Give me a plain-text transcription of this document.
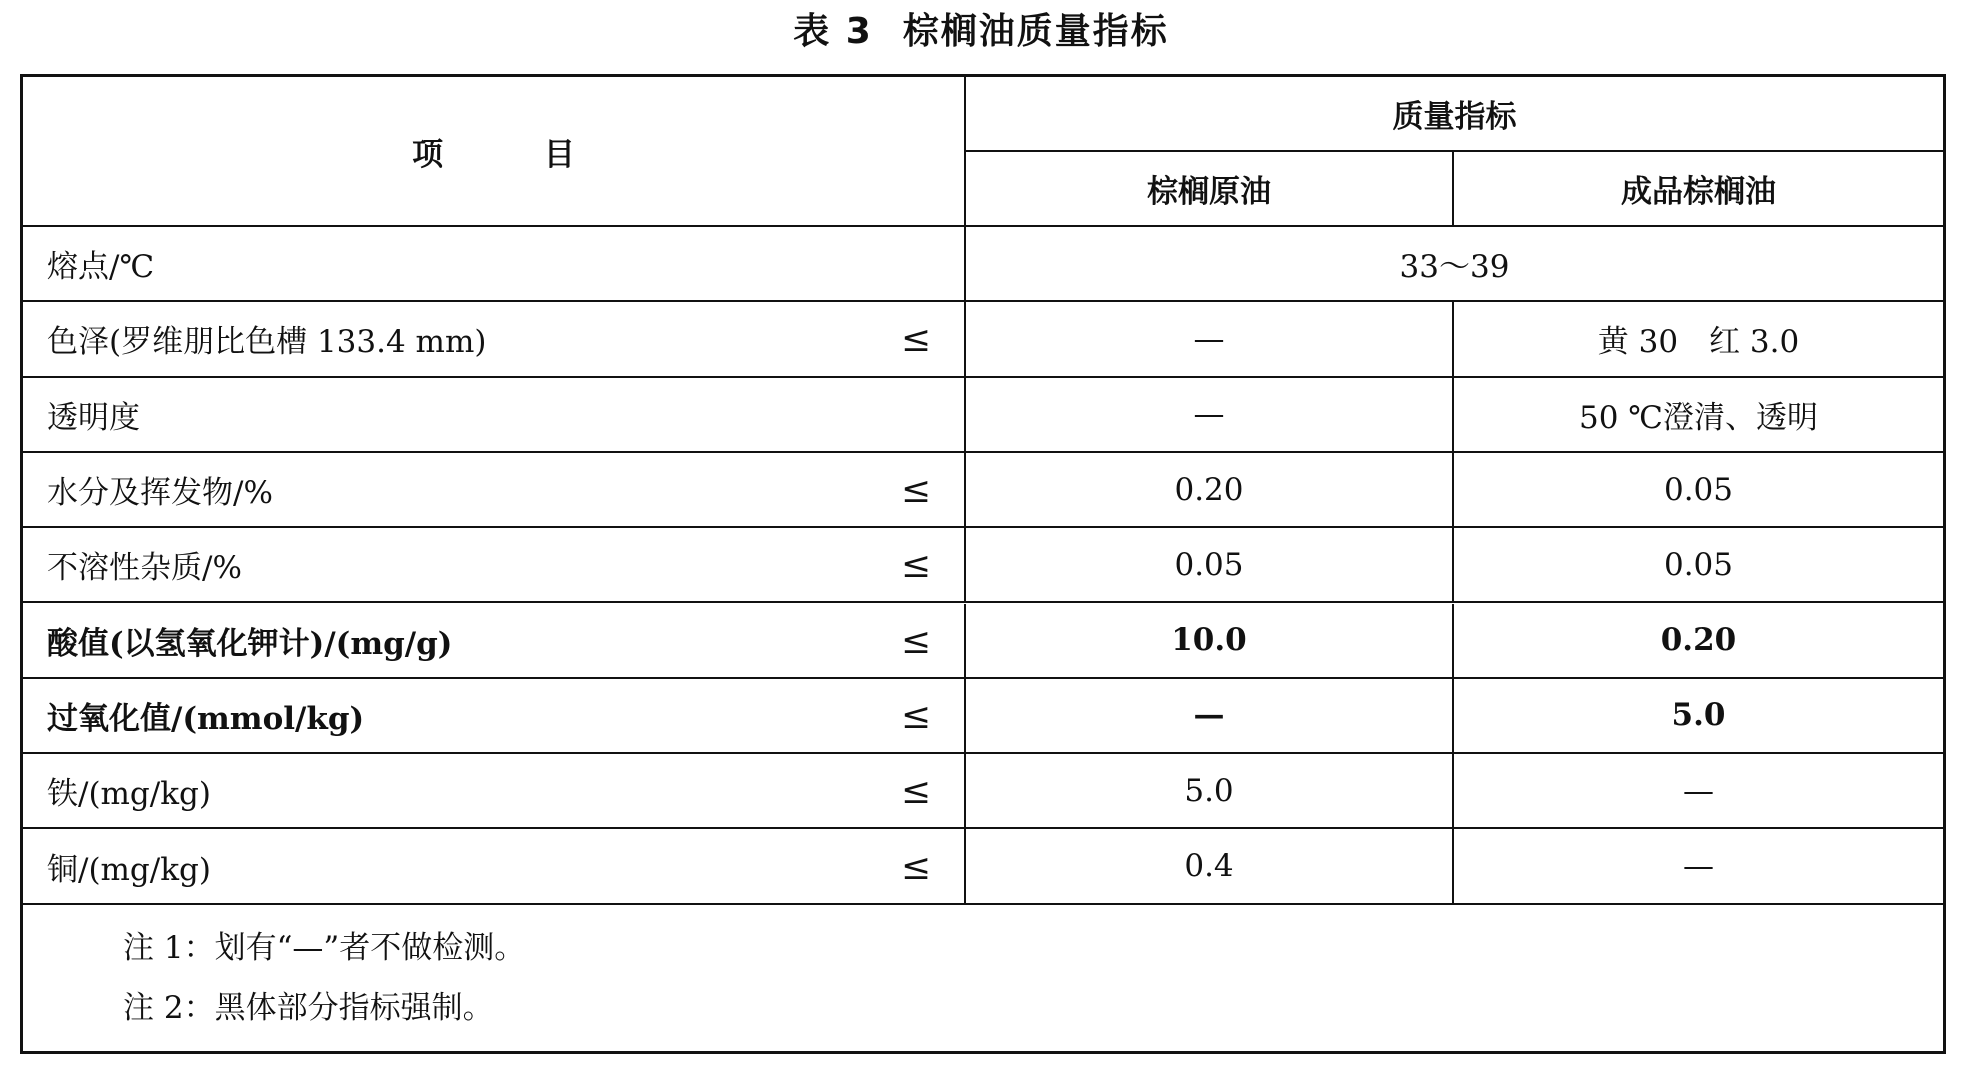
表 3 棕榈油质量指标
项 目
质量指标
棕榈原油	成品棕榈油
熔点/℃	33～39
色泽(罗维朋比色槽 133.4 mm)	≤	—	黄 30　红 3.0
透明度	—	50 ℃澄清、透明
水分及挥发物/%	≤	0.20	0.05
不溶性杂质/%	≤	0.05	0.05
酸值(以氢氧化钾计)/(mg/g)	≤	10.0	0.20
过氧化值/(mmol/kg)	≤	—	5.0
铁/(mg/kg)	≤	5.0	—
铜/(mg/kg)	≤	0.4	—
注 1：划有“—”者不做检测。
注 2：黑体部分指标强制。
